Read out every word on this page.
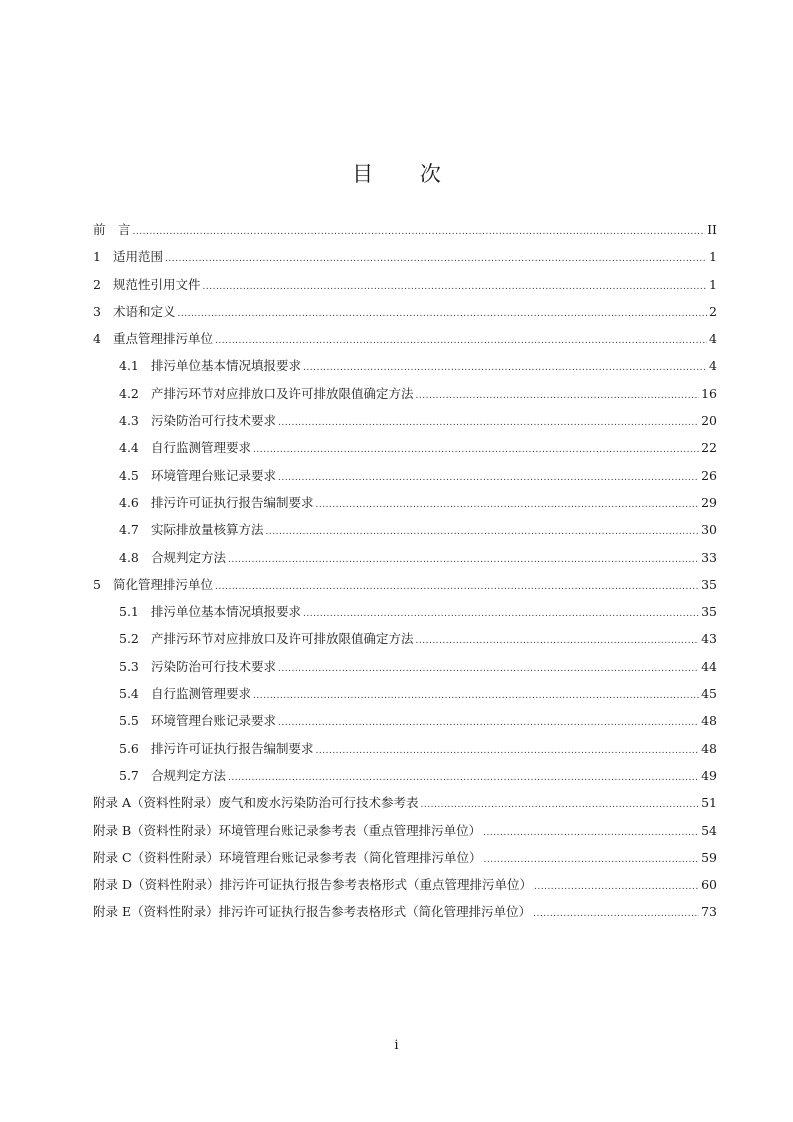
目 次
前　言 .....	II
1 适用范围 .....	1
2 规范性引用文件 .....	1
3 术语和定义 .....	2
4 重点管理排污单位 .....	4
4.1 排污单位基本情况填报要求 .....	4
4.2 产排污环节对应排放口及许可排放限值确定方法 .....	16
4.3 污染防治可行技术要求 .....	20
4.4 自行监测管理要求 .....	22
4.5 环境管理台账记录要求 .....	26
4.6 排污许可证执行报告编制要求 .....	29
4.7 实际排放量核算方法 .....	30
4.8 合规判定方法 .....	33
5 简化管理排污单位 .....	35
5.1 排污单位基本情况填报要求 .....	35
5.2 产排污环节对应排放口及许可排放限值确定方法 .....	43
5.3 污染防治可行技术要求 .....	44
5.4 自行监测管理要求 .....	45
5.5 环境管理台账记录要求 .....	48
5.6 排污许可证执行报告编制要求 .....	48
5.7 合规判定方法 .....	49
附录 A（资料性附录）废气和废水污染防治可行技术参考表 .....	51
附录 B（资料性附录）环境管理台账记录参考表（重点管理排污单位） .....	54
附录 C（资料性附录）环境管理台账记录参考表（简化管理排污单位） .....	59
附录 D（资料性附录）排污许可证执行报告参考表格形式（重点管理排污单位） .....	60
附录 E（资料性附录）排污许可证执行报告参考表格形式（简化管理排污单位） .....	73
i
